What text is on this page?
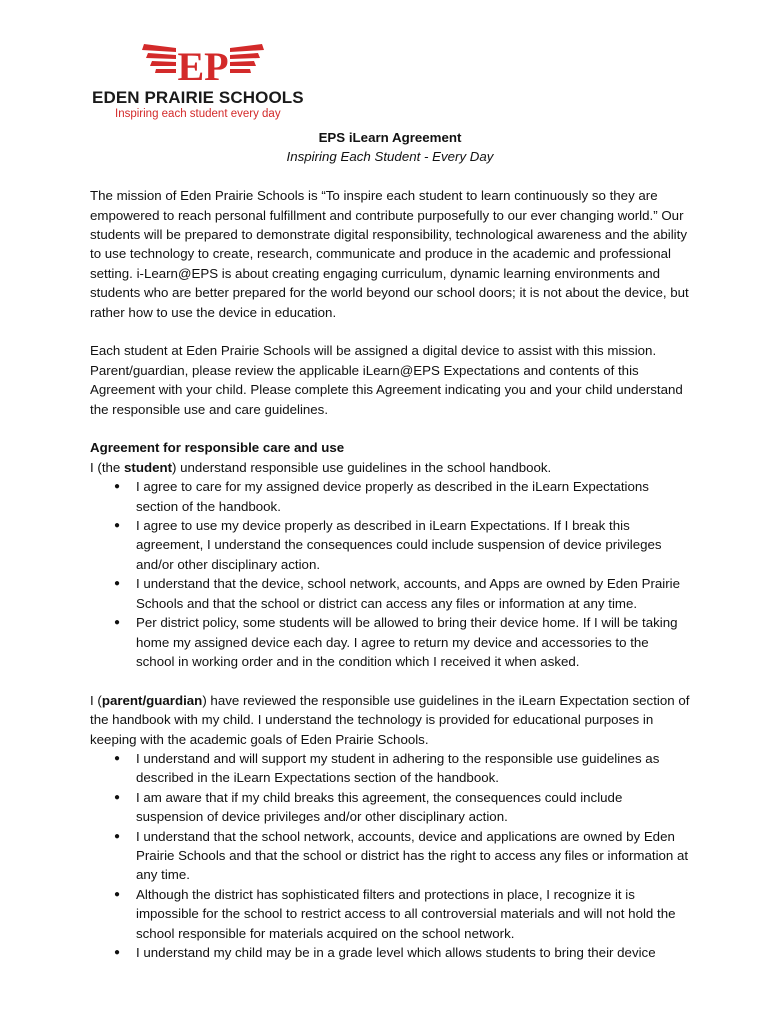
EP
EDEN PRAIRIE SCHOOLS
Inspiring each student every day
EPS iLearn Agreement
Inspiring Each Student - Every Day

The mission of Eden Prairie Schools is “To inspire each student to learn continuously so they are empowered to reach personal fulfillment and contribute purposefully to our ever changing world.” Our students will be prepared to demonstrate digital responsibility, technological awareness and the ability to use technology to create, research, communicate and produce in the academic and professional setting. i-Learn@EPS is about creating engaging curriculum, dynamic learning environments and students who are better prepared for the world beyond our school doors; it is not about the device, but rather how to use the device in education.

Each student at Eden Prairie Schools will be assigned a digital device to assist with this mission. Parent/guardian, please review the applicable iLearn@EPS Expectations and contents of this Agreement with your child. Please complete this Agreement indicating you and your child understand the responsible use and care guidelines.

Agreement for responsible care and use
I (the student) understand responsible use guidelines in the school handbook.
● I agree to care for my assigned device properly as described in the iLearn Expectations section of the handbook.
● I agree to use my device properly as described in iLearn Expectations. If I break this agreement, I understand the consequences could include suspension of device privileges and/or other disciplinary action.
● I understand that the device, school network, accounts, and Apps are owned by Eden Prairie Schools and that the school or district can access any files or information at any time.
● Per district policy, some students will be allowed to bring their device home. If I will be taking home my assigned device each day. I agree to return my device and accessories to the school in working order and in the condition which I received it when asked.
I (parent/guardian) have reviewed the responsible use guidelines in the iLearn Expectation section of the handbook with my child. I understand the technology is provided for educational purposes in keeping with the academic goals of Eden Prairie Schools.
● I understand and will support my student in adhering to the responsible use guidelines as described in the iLearn Expectations section of the handbook.
● I am aware that if my child breaks this agreement, the consequences could include suspension of device privileges and/or other disciplinary action.
● I understand that the school network, accounts, device and applications are owned by Eden Prairie Schools and that the school or district has the right to access any files or information at any time.
● Although the district has sophisticated filters and protections in place, I recognize it is impossible for the school to restrict access to all controversial materials and will not hold the school responsible for materials acquired on the school network.
● I understand my child may be in a grade level which allows students to bring their device
